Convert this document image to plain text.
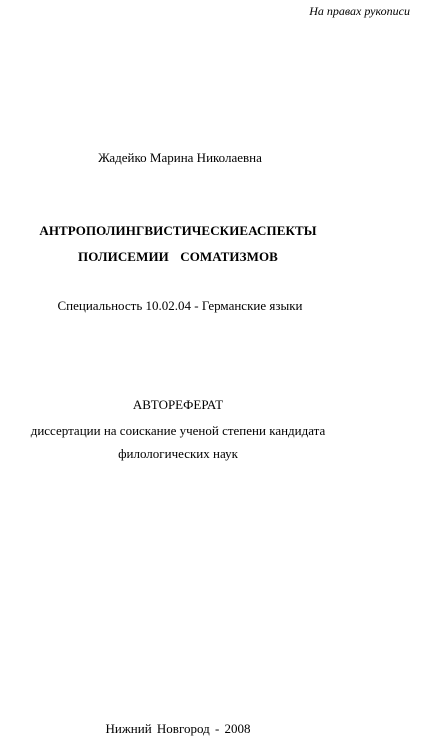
На правах рукописи
Жадейко Марина Николаевна
АНТРОПОЛИНГВИСТИЧЕСКИЕАСПЕКТЫ
ПОЛИСЕМИИ СОМАТИЗМОВ
Специальность 10.02.04 - Германские языки
АВТОРЕФЕРАТ
диссертации на соискание ученой степени кандидата
филологических наук
Нижний Новгород - 2008
